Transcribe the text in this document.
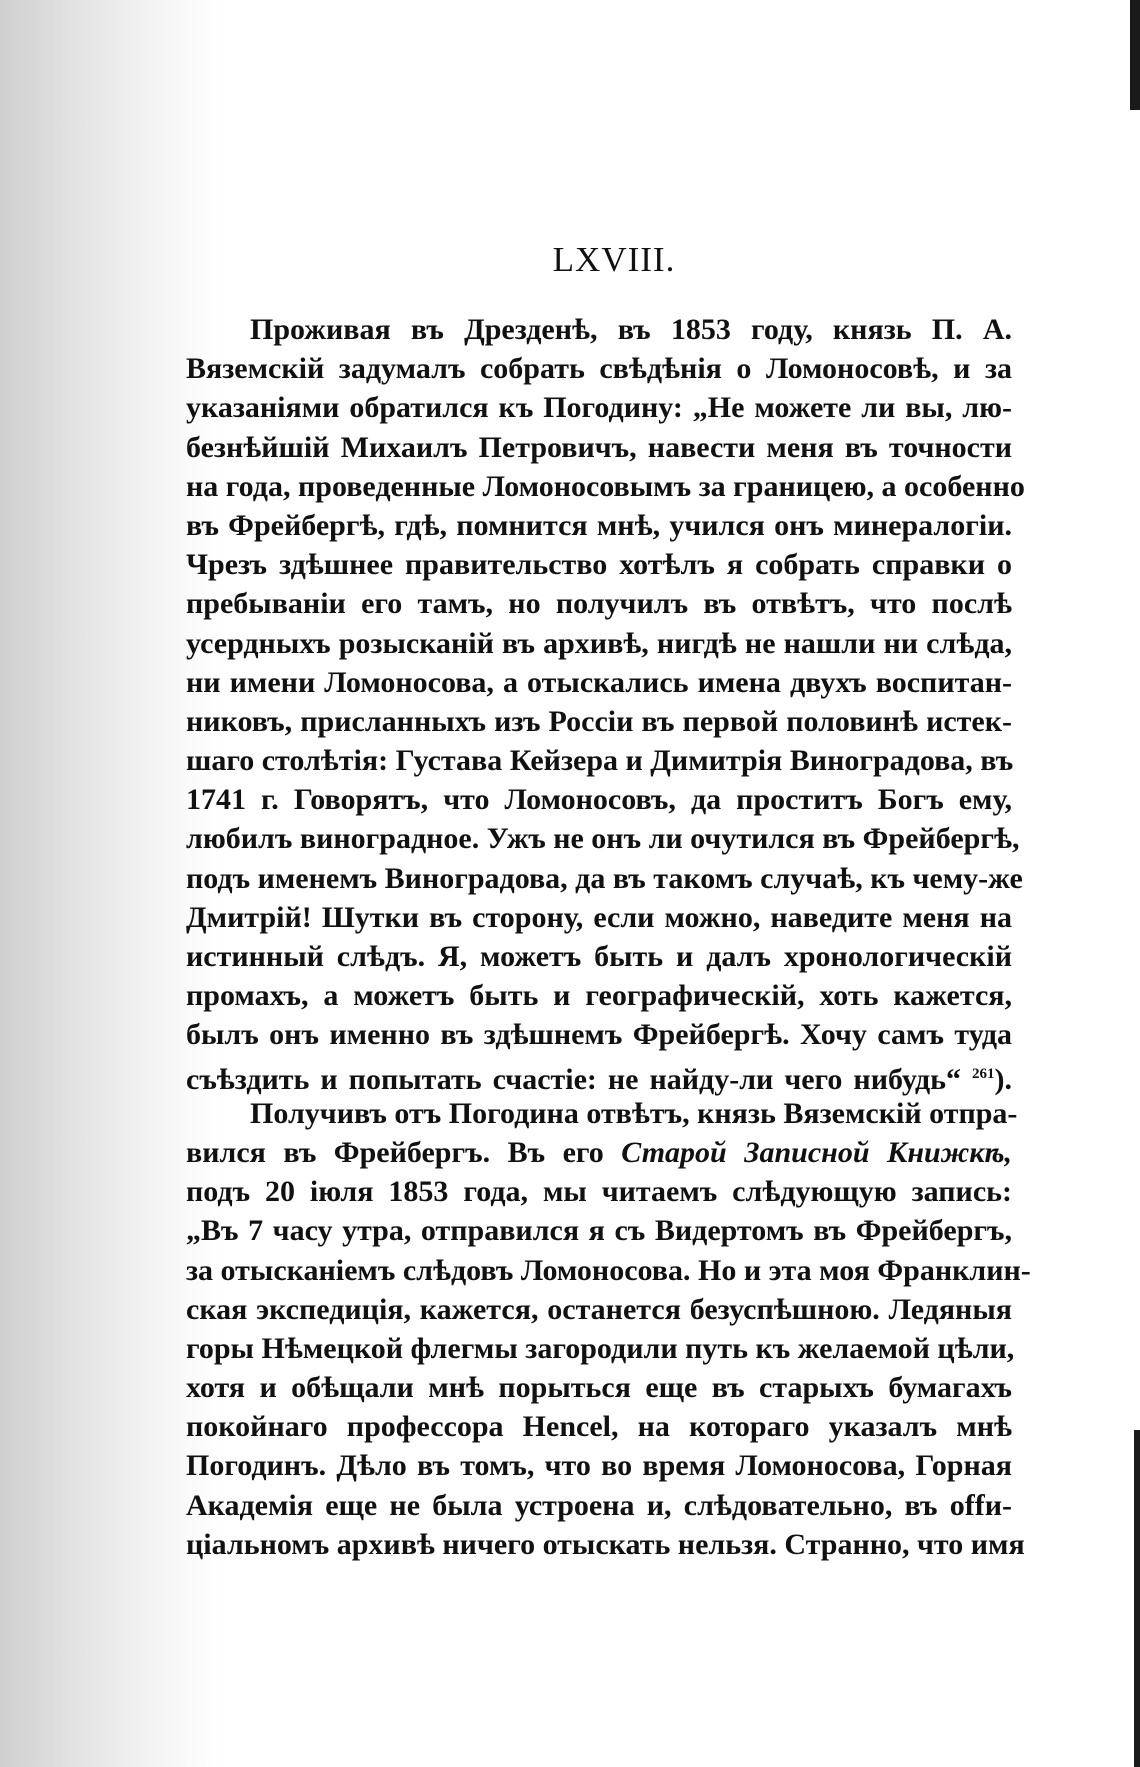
LXVIII.
Проживая въ Дрезденѣ, въ 1853 году, князь П. А.
Вяземскій задумалъ собрать свѣдѣнія о Ломоносовѣ, и за
указаніями обратился къ Погодину: „Не можете ли вы, лю-
безнѣйшій Михаилъ Петровичъ, навести меня въ точности
на года, проведенные Ломоносовымъ за границею, а особенно
въ Фрейбергѣ, гдѣ, помнится мнѣ, учился онъ минералогіи.
Чрезъ здѣшнее правительство хотѣлъ я собрать справки о
пребываніи его тамъ, но получилъ въ отвѣтъ, что послѣ
усердныхъ розысканій въ архивѣ, нигдѣ не нашли ни слѣда,
ни имени Ломоносова, а отыскались имена двухъ воспитан-
никовъ, присланныхъ изъ Россіи въ первой половинѣ истек-
шаго столѣтія: Густава Кейзера и Димитрія Виноградова, въ
1741 г. Говорятъ, что Ломоносовъ, да проститъ Богъ ему,
любилъ виноградное. Ужъ не онъ ли очутился въ Фрейбергѣ,
подъ именемъ Виноградова, да въ такомъ случаѣ, къ чему-же
Дмитрій! Шутки въ сторону, если можно, наведите меня на
истинный слѣдъ. Я, можетъ быть и далъ хронологическій
промахъ, а можетъ быть и географическій, хоть кажется,
былъ онъ именно въ здѣшнемъ Фрейбергѣ. Хочу самъ туда
съѣздить и попытать счастіе: не найду-ли чего нибудь“ $^{261}$).
Получивъ отъ Погодина отвѣтъ, князь Вяземскій отпра-
вился въ Фрейбергъ. Въ его Старой Записной Книжкѣ,
подъ 20 іюля 1853 года, мы читаемъ слѣдующую запись:
„Въ 7 часу утра, отправился я съ Видертомъ въ Фрейбергъ,
за отысканіемъ слѣдовъ Ломоносова. Но и эта моя Франклин-
ская экспедиція, кажется, останется безуспѣшною. Ледяныя
горы Нѣмецкой флегмы загородили путь къ желаемой цѣли,
хотя и обѣщали мнѣ порыться еще въ старыхъ бумагахъ
покойнаго профессора Hencel, на котораго указалъ мнѣ
Погодинъ. Дѣло въ томъ, что во время Ломоносова, Горная
Академія еще не была устроена и, слѣдовательно, въ offи-
ціальномъ архивѣ ничего отыскать нельзя. Странно, что имя
